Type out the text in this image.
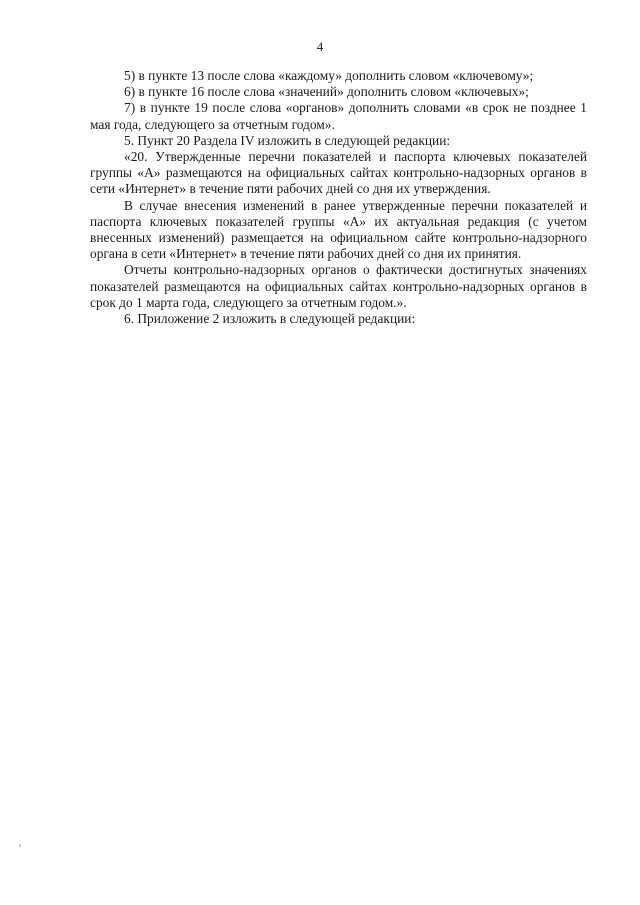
4

5) в пункте 13 после слова «каждому» дополнить словом «ключевому»;

6) в пункте 16 после слова «значений» дополнить словом «ключевых»;

7) в пункте 19 после слова «органов» дополнить словами «в срок не позднее 1 мая года, следующего за отчетным годом».

5. Пункт 20 Раздела IV изложить в следующей редакции:

«20. Утвержденные перечни показателей и паспорта ключевых показателей группы «А» размещаются на официальных сайтах контрольно-надзорных органов в сети «Интернет» в течение пяти рабочих дней со дня их утверждения.

В случае внесения изменений в ранее утвержденные перечни показателей и паспорта ключевых показателей группы «А» их актуальная редакция (с учетом внесенных изменений) размещается на официальном сайте контрольно-надзорного органа в сети «Интернет» в течение пяти рабочих дней со дня их принятия.

Отчеты контрольно-надзорных органов о фактически достигнутых значениях показателей размещаются на официальных сайтах контрольно-надзорных органов в срок до 1 марта года, следующего за отчетным годом.».

6. Приложение 2 изложить в следующей редакции:
